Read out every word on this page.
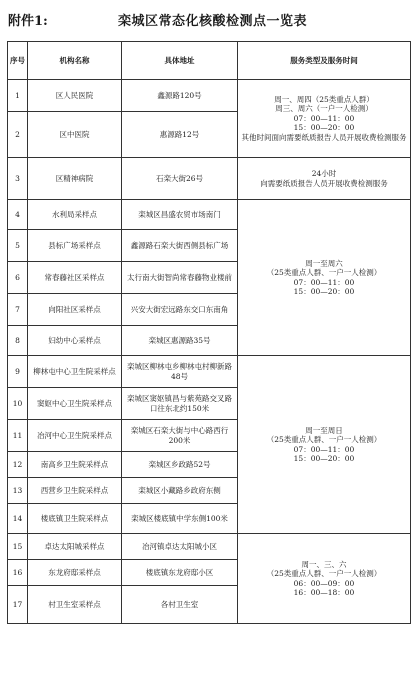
附件1:	栾城区常态化核酸检测点一览表
序号	机构名称	具体地址	服务类型及服务时间
1	区人民医院	鑫源路120号	周一、周四（25类重点人群）
周三、周六（一户一人检测）
07：00—11：00
15：00—20：00
其他时间面向需要纸质报告人员开展收费检测服务
2	区中医院	惠源路12号	
3	区精神病院	石栾大街26号	24小时
向需要纸质报告人员开展收费检测服务
4	水利局采样点	栾城区昌盛农贸市场南门	周一至周六
（25类重点人群、一户一人检测）
07：00—11：00
15：00—20：00
5	县标广场采样点	鑫源路石栾大街西侧县标广场	
6	常春藤社区采样点	太行南大街智尚常春藤物业楼前	
7	向阳社区采样点	兴安大街宏远路东交口东南角	
8	妇幼中心采样点	栾城区惠源路35号	
9	柳林屯中心卫生院采样点	栾城区柳林屯乡柳林屯村柳新路48号	周一至周日
（25类重点人群、一户一人检测）
07：00—11：00
15：00—20：00
10	窦妪中心卫生院采样点	栾城区窦妪镇昌与紫苑路交叉路口往东北约150米	
11	冶河中心卫生院采样点	栾城区石栾大街与中心路西行200米	
12	南高乡卫生院采样点	栾城区乡政路52号	
13	西营乡卫生院采样点	栾城区小藏路乡政府东侧	
14	楼底镇卫生院采样点	栾城区楼底镇中学东侧100米	
15	卓达太阳城采样点	冶河镇卓达太阳城小区	周一、三、六
（25类重点人群、一户一人检测）
06：00—09：00
16：00—18：00
16	东龙府邸采样点	楼底镇东龙府邸小区	
17	村卫生室采样点	各村卫生室	
